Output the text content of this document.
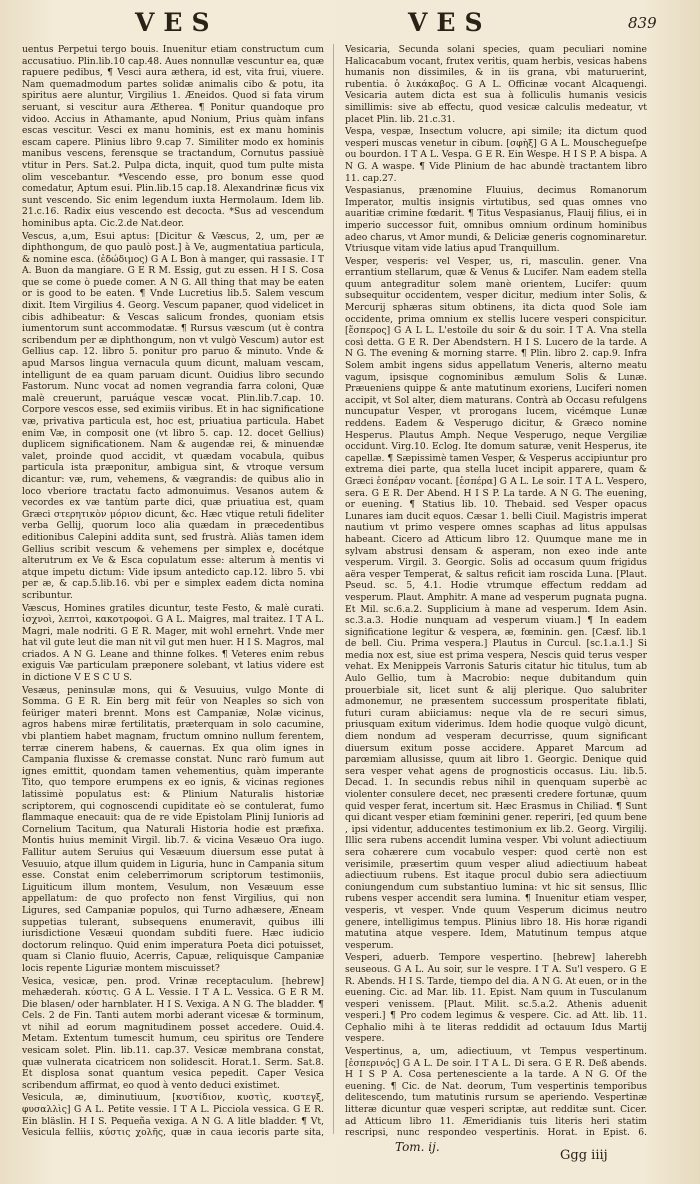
VES	VES	839

uentus Perpetui tergo bouis. Inuenitur etiam constructum cum accusatiuo. Plin.lib.10 cap.48. Aues nonnullæ vescuntur ea, quæ rapuere pedibus, ¶ Vesci aura æthera, id est, vita frui, viuere. Nam quemadmodum partes solidæ animalis cibo & potu, ita spiritus aere aluntur, Virgilius 1. Æneidos. Quod si fata virum seruant, si vescitur aura Ætherea. ¶ Ponitur quandoque pro vidoo. Accius in Athamante, apud Nonium, Prius quàm infans escas vescitur. Vesci ex manu hominis, est ex manu hominis escam capere. Plinius libro 9.cap 7. Similiter modo ex hominis manibus vescens, ferensque se tractandum, Cornutus passiuè vtitur in Pers. Sat.2. Pulpa dicta, inquit, quod tum pulte mista olim vescebantur. *Vescendo esse, pro bonum esse quod comedatur, Aptum esui. Plin.lib.15 cap.18. Alexandrinæ ficus vix sunt vescendo. Sic enim legendum iuxta Hermolaum. Idem lib. 21.c.16. Radix eius vescendo est decocta. *Sus ad vescendum hominibus apta. Cic.2.de Nat.deor.

Vescus, a,um, Esui aptus: [Dicitur & Væscus, 2, um, per æ diphthongum, de quo paulò post.] à Ve, augmentatiua particula, & nomine esca. (ἐδώδιμος) G A L Bon à manger, qui rassasie. I T A. Buon da mangiare. G E R M. Essig, gut zu essen. H I S. Cosa que se come ò puede comer. A N G. All thing that may be eaten or is good to be eaten. ¶ Vnde Lucretius lib.5. Salem vescum dixit. Item Virgilius 4. Georg. Vescum papaner, quod videlicet in cibis adhibeatur: & Vescas salicum frondes, quoniam etsis iumentorum sunt accommodatæ. ¶ Rursus væscum (ut è contra scribendum per æ diphthongum, non vt vulgò Vescum) autor est Gellius cap. 12. libro 5. ponitur pro paruo & minuto. Vnde & apud Marsos lingua vernacula quum dicunt, maluam vescam, intelligunt de ea quam paruam dicunt. Ouidius libro secundo Fastorum. Nunc vocat ad nomen vegrandia farra coloni, Quæ malè creuerunt, paruáque vescæ vocat. Plin.lib.7.cap. 10. Corpore vescos esse, sed eximiis viribus. Et in hac significatione væ, privativa particula est, hoc est, priuatiua particula. Habet enim Væ, in composit one (vt libro 5. cap. 12. docet Gellius) duplicem significationem. Nam & augendæ rei, & minuendæ valet, proinde quod accidit, vt quædam vocabula, quibus particula ista præponitur, ambigua sint, & vtroque versum dicantur: væ, rum, vehemens, & vægrandis: de quibus alio in loco vberiore tractatu facto admonuimus. Vesanos autem & vecordes ex væ tantùm parte dici, quæ priuatiua est, quam Græci στερητικὸν μόριον dicunt, &c. Hæc vtique retuli fideliter verba Gellij, quorum loco alia quædam in præcedentibus editionibus Calepini addita sunt, sed frustrà. Aliàs tamen idem Gellius scribit vescum & vehemens per simplex e, docétque alterutrum ex Ve & Esca copulatum esse: alterum à mentis vi atque impetu dictum: Vide ipsum antedicto cap.12. libro 5. vbi per æ, & cap.5.lib.16. vbi per e simplex eadem dicta nomina scribuntur.

Væscus, Homines gratiles dicuntur, teste Festo, & malè curati. ἰσχνοὶ, λεπτοὶ, κακοτροφοὶ. G A L. Maigres, mal traitez. I T A L. Magri, male nodriti. G E R. Mager, mit wohl ernehrt. Vnde mer hat vil gute leut die man nit vil gut men huer. H I S. Magros, mal criados. A N G. Leane and thinne folkes. ¶ Veteres enim rebus exiguis Væ particulam præponere solebant, vt latius videre est in dictione V E S C U S.

Vesæus, peninsulæ mons, qui & Vesuuius, vulgo Monte di Somma. G E R. Ein berg mit feür von Neaples so sich von feüriger materi brennt. Mons est Campaniæ, Nolæ vicinus, agros habens miræ fertilitatis, præterquam in solo cacumine, vbi plantiem habet magnam, fructum omnino nullum ferentem, terræ cinerem habens, & cauernas. Ex qua olim ignes in Campania fluxisse & cremasse constat. Nunc rarò fumum aut ignes emittit, quondam tamen vehementius, quàm imperante Tito, quo tempore erumpens ex eo ignis, & vicinas regiones latissimè populatus est: & Plinium Naturalis historiæ scriptorem, qui cognoscendi cupiditate eò se contulerat, fumo flammaque enecauit: qua de re vide Epistolam Plinij Iunioris ad Cornelium Tacitum, qua Naturali Historia hodie est præfixa. Montis huius meminit Virgil. lib.7. & vicina Vesæuo Ora iugo. Fallitur autem Seruius qui Vesæuum diuersum esse putat à Vesuuio, atque illum quidem in Liguria, hunc in Campania situm esse. Constat enim celeberrimorum scriptorum testimoniis, Liguiticum illum montem, Vesulum, non Vesæuum esse appellatum: de quo profecto non fenst Virgilius, qui non Ligures, sed Campaniæ populos, qui Turno adhæsere, Æneam suppetias tulerant, subsequens enumeravit, quibus illi iurisdictione Vesæui quondam subditi fuere. Hæc iudicio doctorum relinquo. Quid enim imperatura Poeta dici potuisset, quam si Clanio fluuio, Acerris, Capuæ, reliquisque Campaniæ locis repente Liguriæ montem miscuisset?

Vesica, vesicæ, pen. prod. Vrinæ receptaculum. [hebrew] mehæderah. κύστις. G A L. Vessie. I T A L. Vessica. G E R M. Die blasen/ oder harnblater. H I S. Vexiga. A N G. The bladder. ¶ Cels. 2 de Fin. Tanti autem morbi aderant vicesæ & torminum, vt nihil ad eorum magnitudinem posset accedere. Ouid.4. Metam. Extentum tumescit humum, ceu spiritus ore Tendere vesicam solet. Plin. lib.11. cap.37. Vesicæ membrana constat, quæ vulnerata cicatricem non solidescit. Horat.1. Serm. Sat.8. Et displosa sonat quantum vesica pepedit. Caper Vesica scribendum affirmat, eo quod à vento deduci existimet.

Vesicula, æ, diminutiuum, [κυστίδιον, κυστὶς, κυστεγξ, φυσαλλὶς] G A L. Petite vessie. I T A L. Picciola vessica. G E R. Ein bläslin. H I S. Pequeña vexiga. A N G. A litle bladder. ¶ Vt, Vesicula felliis, κύστις χολῆς, quæ in caua iecoris parte sita,

Vesicaria, Secunda solani species, quam peculiari nomine Halicacabum vocant, frutex veritis, quam herbis, vesicas habens humanis non dissimiles, & in iis grana, vbi maturuerint, rubentia. ὁ λικάκαβος. G A L. Officinæ vocant Alcaquengi. Vesicaria autem dicta est sua à folliculis humanis vesicis simillimis: sive ab effectu, quod vesicæ calculis medeatur, vt placet Plin. lib. 21.c.31.

Vespa, vespæ, Insectum volucre, api simile; ita dictum quod vesperi muscas venetur in cibum. [σφὴξ] G A L. Mouschegueſpe ou bourdon. I T A L. Vespa. G E R. Ein Wespe. H I S P. A bispa. A N G. A waspe. ¶ Vide Plinium de hac abundè tractantem libro 11. cap.27.

Vespasianus, prænomine Fluuius, decimus Romanorum Imperator, multis insignis virtutibus, sed quas omnes vno auaritiæ crimine fœdarit. ¶ Titus Vespasianus, Flauij filius, ei in imperio successor fuit, omnibus omnium ordinum hominibus adeo charus, vt Amor mundi, & Deliciæ generis cognominaretur. Vtriusque vitam vide latius apud Tranquillum.

Vesper, vesperis: vel Vesper, us, ri, masculin. gener. Vna errantium stellarum, quæ & Venus & Lucifer. Nam eadem stella quum antegraditur solem manè orientem, Lucifer: quum subsequitur occidentem, vesper dicitur, medium inter Solis, & Mercurij sphæras situm obtinens, ita dicta quod Sole iam occidente, prima omnium ex stellis lucere vesperi conspicitur. [ἕσπερος] G A L L. L'estoile du soir & du soir. I T A. Vna stella così detta. G E R. Der Abendstern. H I S. Lucero de la tarde. A N G. The evening & morning starre. ¶ Plin. libro 2. cap.9. Infra Solem ambit ingens sidus appellatum Veneris, alterno meatu vagum, ipsisque cognominibus æmulum Solis & Lunæ. Præueniens quippe & ante matutinum exoriens, Luciferi nomen accipit, vt Sol alter, diem maturans. Contrà ab Occasu refulgens nuncupatur Vesper, vt prorogans lucem, vicémque Lunæ reddens. Eadem & Vesperugo dicitur, & Græco nomine Hesperus. Plautus Amph. Neque Vesperugo, neque Vergiliæ occidunt. Virg.10. Eclog. Ite domum saturæ, venit Hesperus, ite capellæ. ¶ Sæpissimè tamen Vesper, & Vesperus accipiuntur pro extrema diei parte, qua stella lucet incipit apparere, quam & Græci ἑσπέραν vocant. [ἑσπέρα] G A L. Le soir. I T A L. Vespero, sera. G E R. Der Abend. H I S P. La tarde. A N G. The euening, or euening. ¶ Statius lib. 10. Thebaid. sed Vesper opacus Lunares iam ducit equos. Cæsar 1. belli Ciuil. Magistris imperat nautium vt primo vespere omnes scaphas ad litus appulsas habeant. Cicero ad Atticum libro 12. Quumque mane me in sylvam abstrusi densam & asperam, non exeo inde ante vesperum. Virgil. 3. Georgic. Solis ad occasum quum frigidus aëra vesper Temperat, & saltus reficit iam roscida Luna. [Plaut. Pseud. sc. 5, 4.1. Hodie vtrumque effectum reddam ad vesperum. Plaut. Amphitr. A mane ad vesperum pugnata pugna. Et Mil. sc.6.a.2. Supplicium à mane ad vesperum. Idem Asin. sc.3.a.3. Hodie nunquam ad vesperum viuam.] ¶ In eadem significatione legitur & vespera, æ, fœminin. gen. [Cæsf. lib.1 de bell. Ciu. Prima vespera.] Plautus in Curcul. [sc.1.a.1.] Si media nox est, siue est prima vespera, Nescis quid terus vesper vehat. Ex Menippeis Varronis Saturis citatur hic titulus, tum ab Aulo Gellio, tum à Macrobio: neque dubitandum quin prouerbiale sit, licet sunt & alij plerique. Quo salubriter admonemur, ne præsentem successum prosperitate fiblati, futuri curam abiiciamus: neque vla de re securi simus, priusquam exitum viderimus. Idem hodie quoque vulgò dicunt, diem nondum ad vesperam decurrisse, quum significant diuersum exitum posse accidere. Apparet Marcum ad parœmiam allusisse, quum ait libro 1. Georgic. Denique quid sera vesper vehat agens de prognosticis occasus. Liu. lib.5. Decad. 1. In secundis rebus nihil in quenquam superbè ac violenter consulere decet, nec præsenti credere fortunæ, quum quid vesper ferat, incertum sit. Hæc Erasmus in Chiliad. ¶ Sunt qui dicant vesper etiam fœminini gener. reperiri, [ed quum bene , ipsi videntur, adducentes testimonium ex lib.2. Georg. Virgilij. Illic sera rubens accendit lumina vesper. Vbi volunt adiectiuum sera cohærere cum vocabulo vesper: quod certè non est verisimile, præsertim quum vesper aliud adiectiuum habeat adiectiuum rubens. Est itaque procul dubio sera adiectiuum coniungendum cum substantiuo lumina: vt hic sit sensus, Illic rubens vesper accendit sera lumina. ¶ Inuenitur etiam vesper, vesperis, vt vesper. Vnde quum Vesperum dicimus neutro genere, intelligimus tempus. Plinius libro 18. His horæ rigandi matutina atque vespere. Idem, Matutinum tempus atque vesperum.

Vesperi, aduerb. Tempore vespertino. [hebrew] laherebh seuseous. G A L. Au soir, sur le vespre. I T A. Su'l vespero. G E R. Abends. H I S. Tarde, tiempo del dia. A N G. At euen, or in the euening. Cic. ad Mar. lib. 11. Epist. Nam quum in Tusculanum vesperi venissem. [Plaut. Milit. sc.5.a.2. Athenis aduenit vesperi.] ¶ Pro codem legimus & vespere. Cic. ad Att. lib. 11. Cephalio mihi à te literas reddidit ad octauum Idus Martij vespere.

Vespertinus, a, um, adiectiuum, vt Tempus vespertinum. [ἑσπερινός] G A L. De soir. I T A L. Di sera. G E R. Deß abends. H I S P A. Cosa pertenesciente a la tarde. A N G. Of the euening. ¶ Cic. de Nat. deorum, Tum vespertinis temporibus delitescendo, tum matutinis rursum se aperiendo. Vespertinæ litteræ dicuntur quæ vesperi scriptæ, aut redditæ sunt. Cicer. ad Atticum libro 11. Æmeridianis tuis literis heri statim rescripsi, nunc respondeo vespertinis. Horat. in Epist. 6.

Tom. ij.
Ggg iiij
